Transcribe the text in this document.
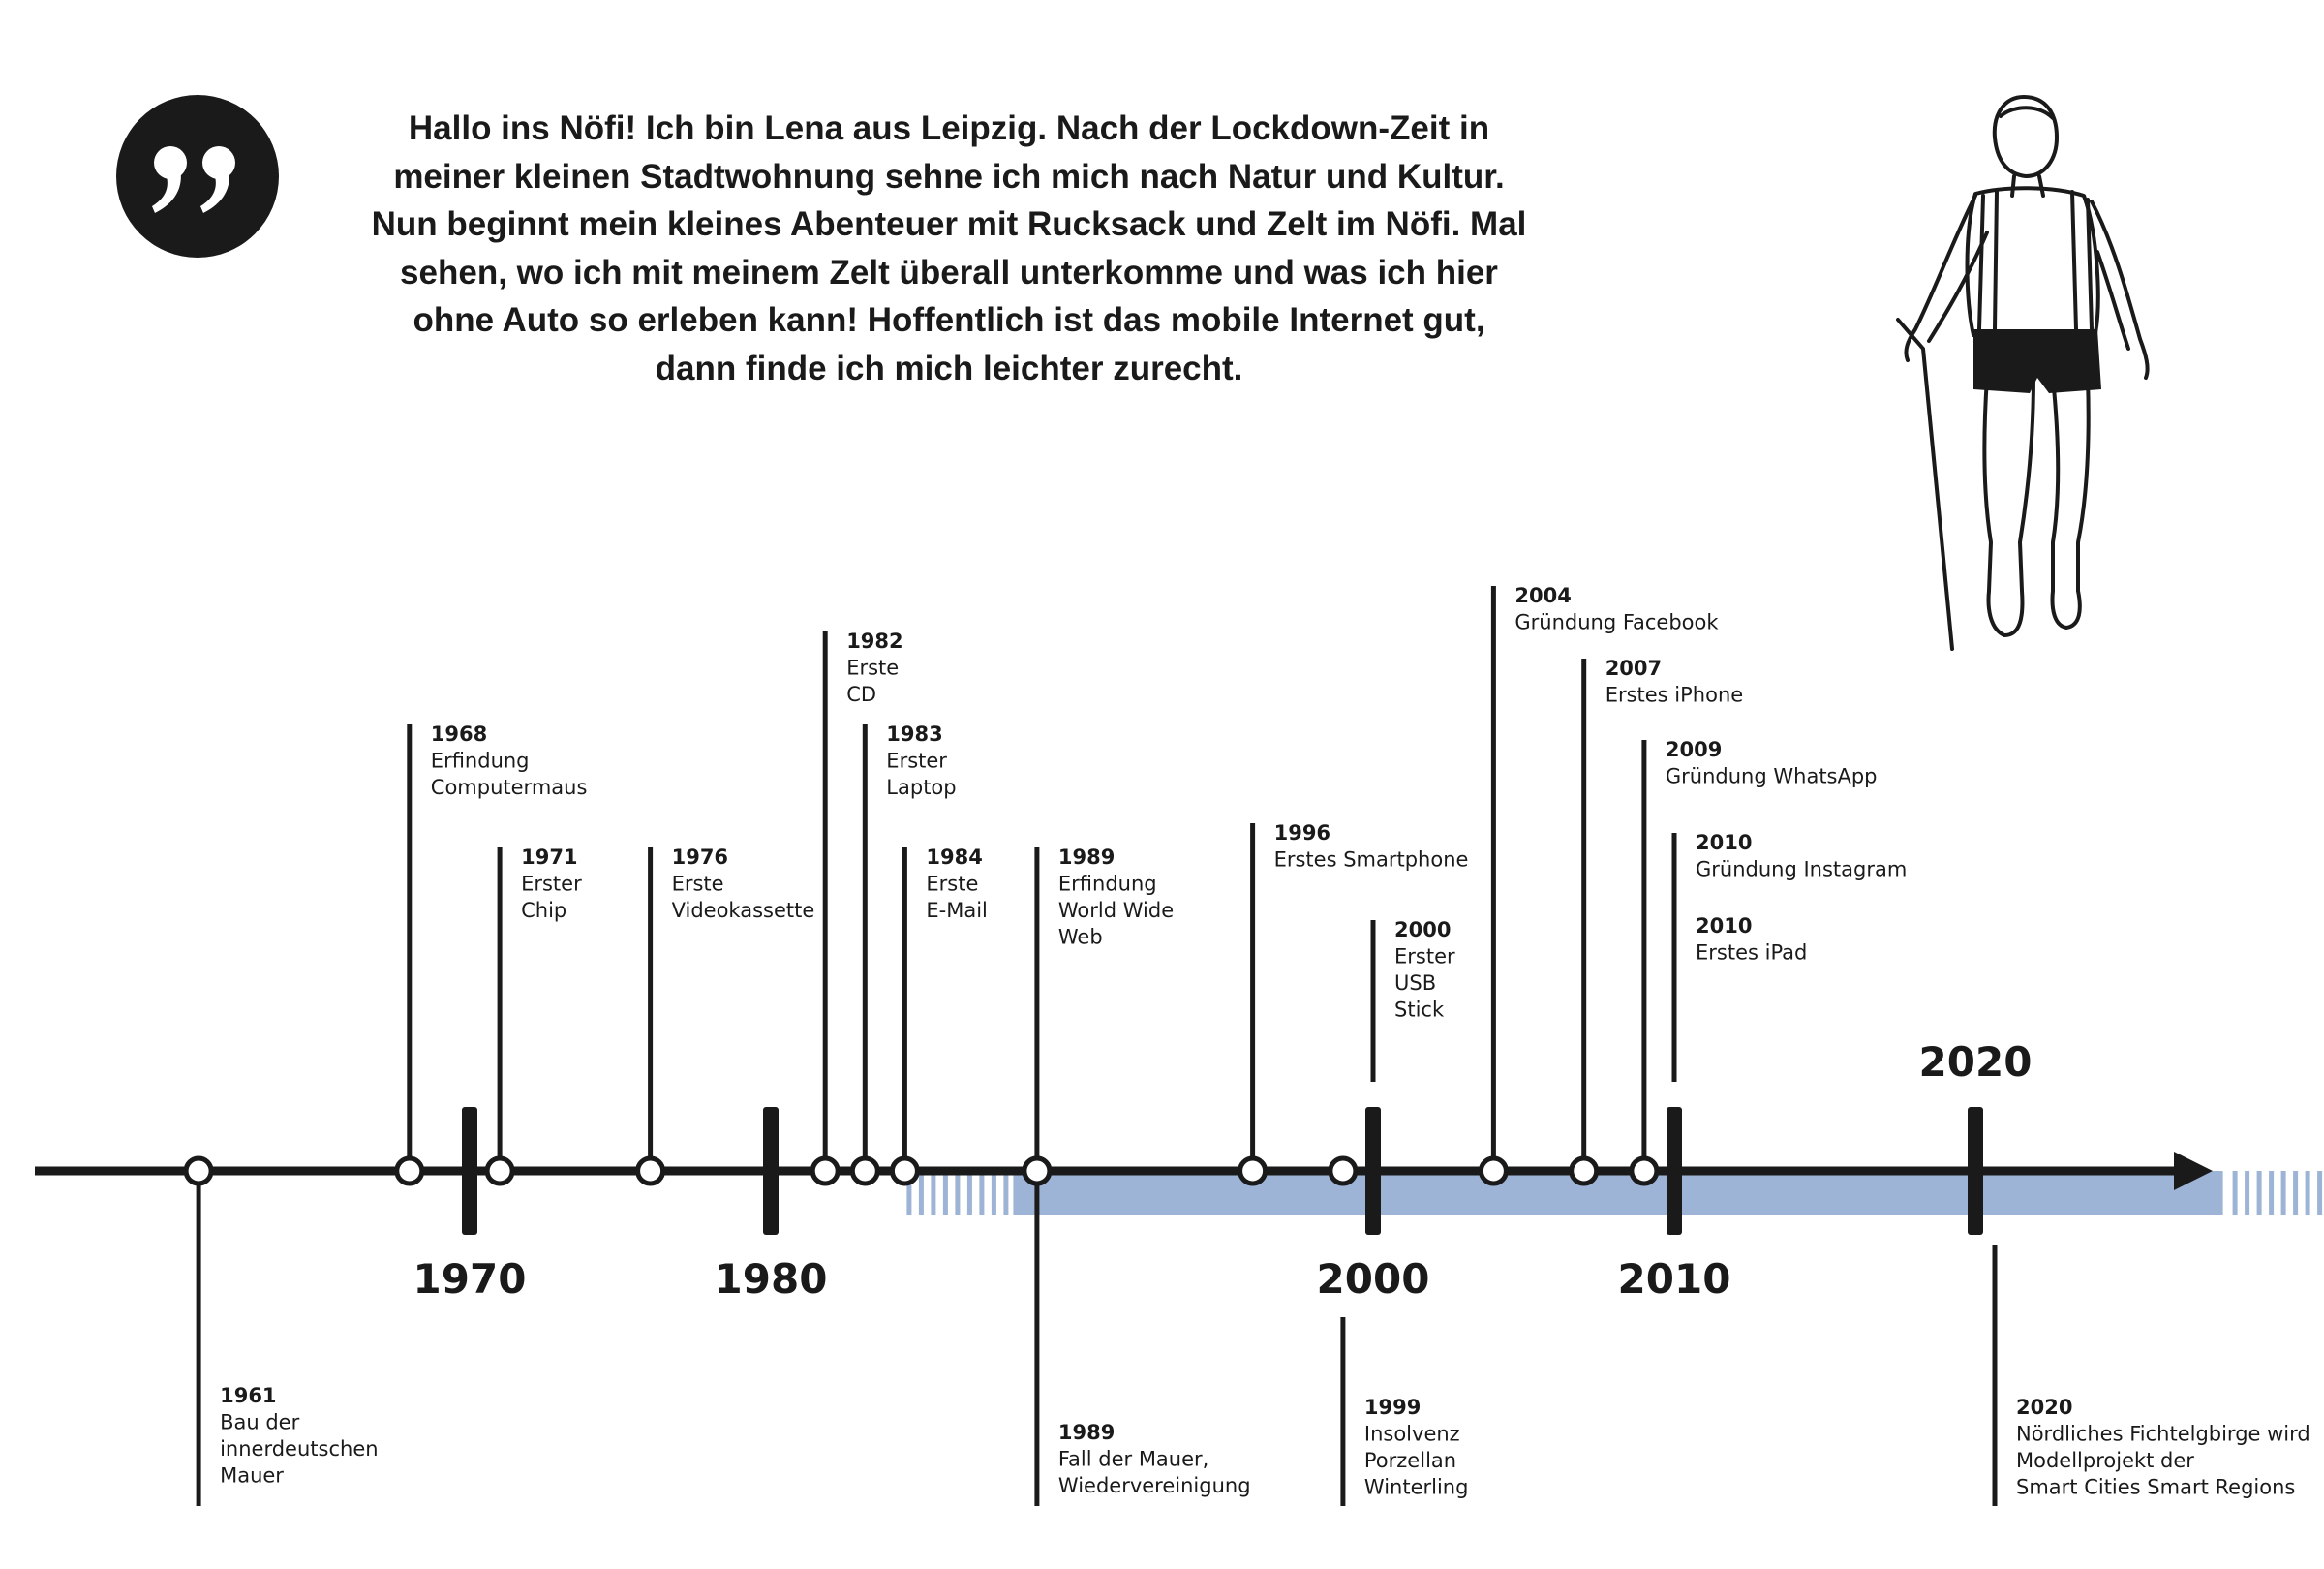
Hallo ins Nöfi! Ich bin Lena aus Leipzig. Nach der Lockdown-Zeit in
meiner kleinen Stadtwohnung sehne ich mich nach Natur und Kultur.
Nun beginnt mein kleines Abenteuer mit Rucksack und Zelt im Nöfi. Mal
sehen, wo ich mit meinem Zelt überall unterkomme und was ich hier
ohne Auto so erleben kann! Hoffentlich ist das mobile Internet gut,
dann finde ich mich leichter zurecht.

1970	1980	2000	2010
2020
1961 Bau der innerdeutschen Mauer
1968 Erfindung Computermaus
1971 Erster Chip
1976 Erste Videokassette
1982 Erste CD
1983 Erster Laptop
1984 Erste E-Mail
1989 Erfindung World Wide Web
1989 Fall der Mauer, Wiedervereinigung
1996 Erstes Smartphone
1999 Insolvenz Porzellan Winterling
2000 Erster USB Stick
2004 Gründung Facebook
2007 Erstes iPhone
2009 Gründung WhatsApp
2010 Gründung Instagram
2010 Erstes iPad
2020 Nördliches Fichtelgbirge wird Modellprojekt der Smart Cities Smart Regions
